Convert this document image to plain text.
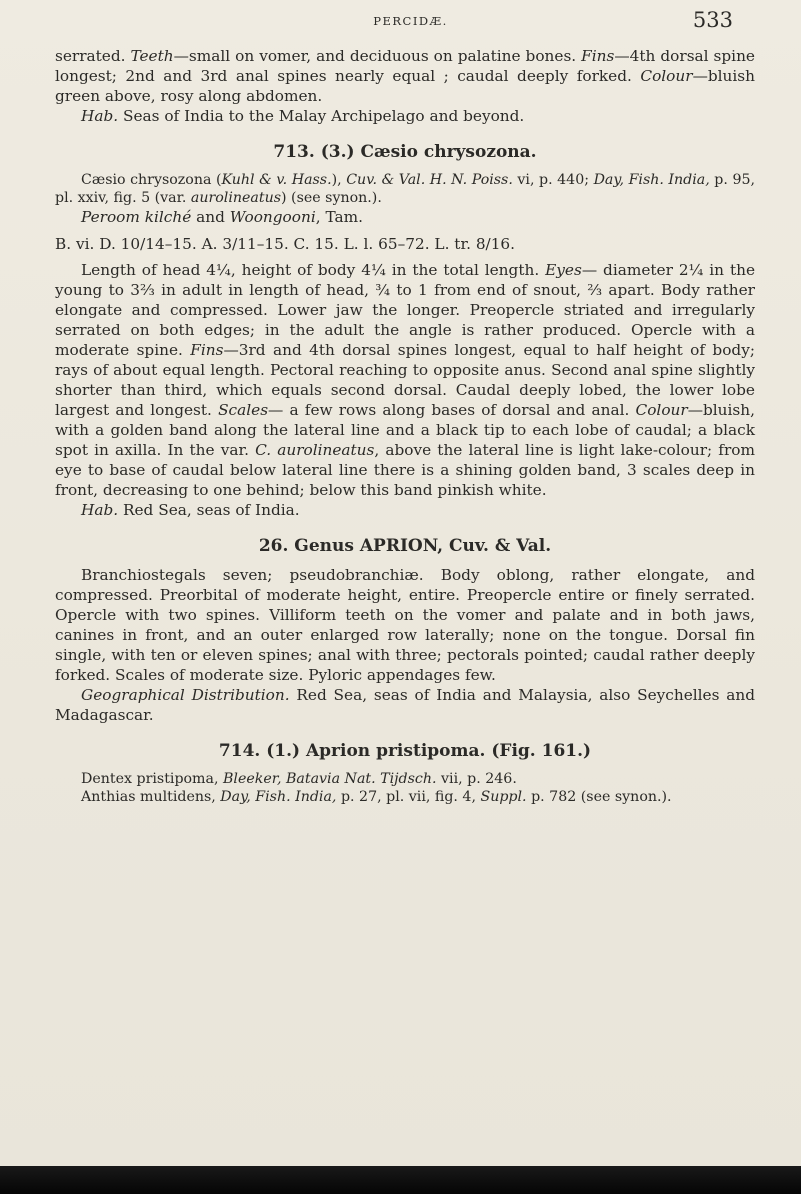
PERCIDÆ.	533

serrated. Teeth—small on vomer, and deciduous on palatine bones. Fins—4th dorsal spine longest; 2nd and 3rd anal spines nearly equal ; caudal deeply forked. Colour—bluish green above, rosy along abdomen.

Hab. Seas of India to the Malay Archipelago and beyond.

713. (3.) Cæsio chrysozona.

Cæsio chrysozona (Kuhl & v. Hass.), Cuv. & Val. H. N. Poiss. vi, p. 440; Day, Fish. India, p. 95, pl. xxiv, fig. 5 (var. aurolineatus) (see synon.).

Peroom kilché and Woongooni, Tam.

B. vi. D. 10/14–15. A. 3/11–15. C. 15. L. l. 65–72. L. tr. 8/16.

Length of head 4¼, height of body 4¼ in the total length. Eyes— diameter 2¼ in the young to 3⅔ in adult in length of head, ¾ to 1 from end of snout, ⅔ apart. Body rather elongate and compressed. Lower jaw the longer. Preopercle striated and irregularly serrated on both edges; in the adult the angle is rather produced. Opercle with a moderate spine. Fins—3rd and 4th dorsal spines longest, equal to half height of body; rays of about equal length. Pectoral reaching to opposite anus. Second anal spine slightly shorter than third, which equals second dorsal. Caudal deeply lobed, the lower lobe largest and longest. Scales— a few rows along bases of dorsal and anal. Colour—bluish, with a golden band along the lateral line and a black tip to each lobe of caudal; a black spot in axilla. In the var. C. aurolineatus, above the lateral line is light lake-colour; from eye to base of caudal below lateral line there is a shining golden band, 3 scales deep in front, decreasing to one behind; below this band pinkish white.

Hab. Red Sea, seas of India.

26. Genus APRION, Cuv. & Val.

Branchiostegals seven; pseudobranchiæ. Body oblong, rather elongate, and compressed. Preorbital of moderate height, entire. Preopercle entire or finely serrated. Opercle with two spines. Villiform teeth on the vomer and palate and in both jaws, canines in front, and an outer enlarged row laterally; none on the tongue. Dorsal fin single, with ten or eleven spines; anal with three; pectorals pointed; caudal rather deeply forked. Scales of moderate size. Pyloric appendages few.

Geographical Distribution. Red Sea, seas of India and Malaysia, also Seychelles and Madagascar.

714. (1.) Aprion pristipoma. (Fig. 161.)

Dentex pristipoma, Bleeker, Batavia Nat. Tijdsch. vii, p. 246.

Anthias multidens, Day, Fish. India, p. 27, pl. vii, fig. 4, Suppl. p. 782 (see synon.).
